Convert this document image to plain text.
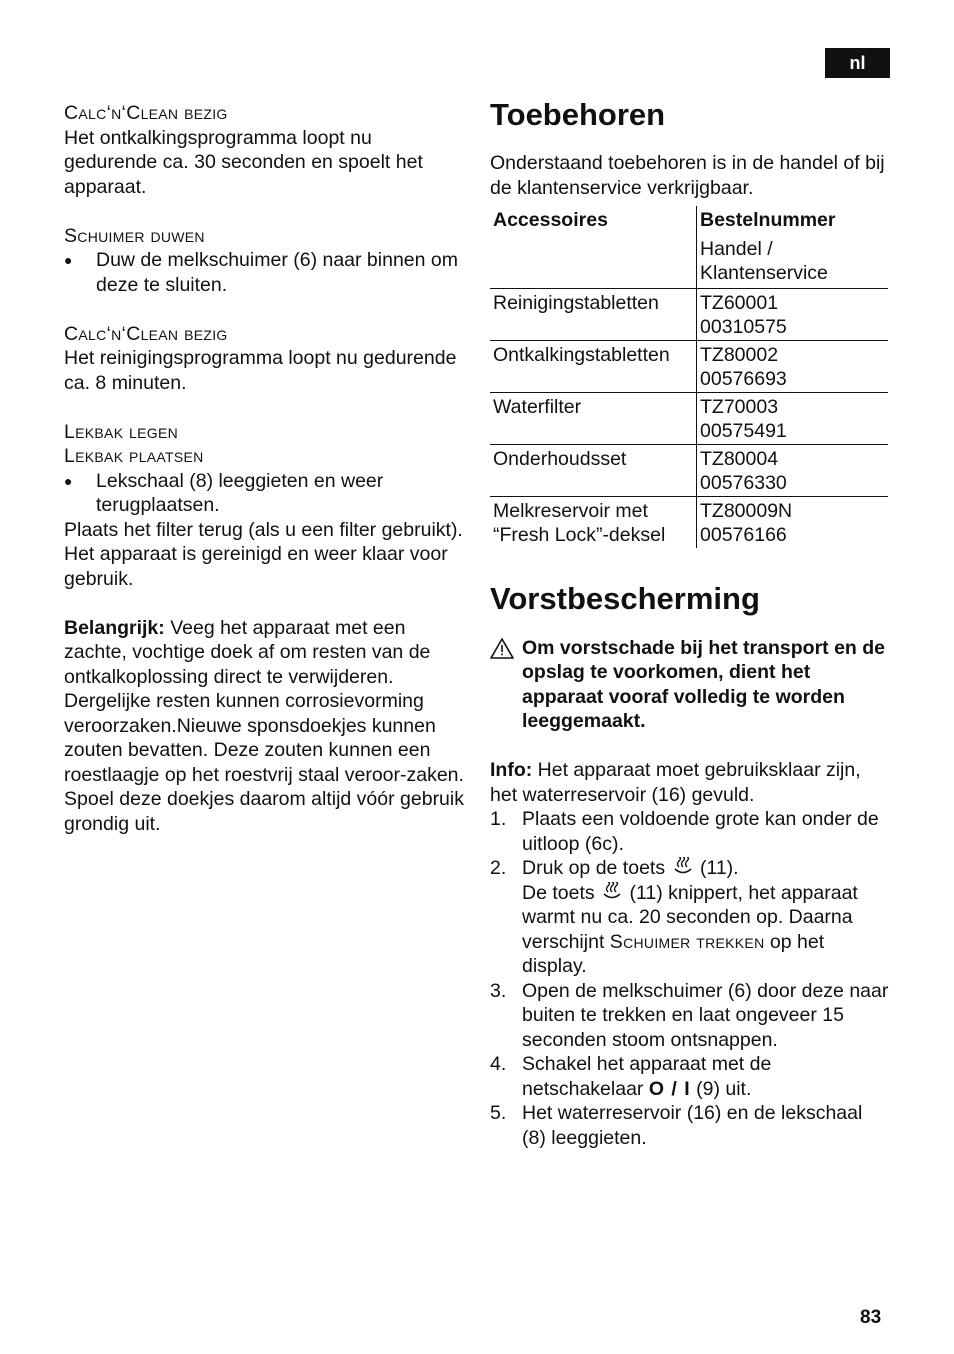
nl

Calc‘n‘Clean bezig

Het ontkalkingsprogramma loopt nu gedurende ca. 30 seconden en spoelt het apparaat.

Schuimer duwen

●	Duw de melkschuimer (6) naar binnen om deze te sluiten.

Calc‘n‘Clean bezig

Het reinigingsprogramma loopt nu gedurende ca. 8 minuten.

Lekbak legen

Lekbak plaatsen

●	Lekschaal (8) leeggieten en weer terugplaatsen.

Plaats het filter terug (als u een filter gebruikt). Het apparaat is gereinigd en weer klaar voor gebruik.

Belangrijk: Veeg het apparaat met een zachte, vochtige doek af om resten van de ontkalkoplossing direct te verwijderen. Dergelijke resten kunnen corrosievorming veroorzaken.Nieuwe sponsdoekjes kunnen zouten bevatten. Deze zouten kunnen een roestlaagje op het roestvrij staal veroor-zaken. Spoel deze doekjes daarom altijd vóór gebruik grondig uit.

Toebehoren

Onderstaand toebehoren is in de handel of bij de klantenservice verkrijgbaar.

Accessoires	Bestelnummer
Handel / Klantenservice
Reinigingstabletten	TZ60001
00310575

Ontkalkingstabletten	TZ80002
00576693

Waterfilter	TZ70003
00575491

Onderhoudsset	TZ80004
00576330

Melkreservoir met “Fresh Lock”-deksel	TZ80009N
00576166
Vorstbescherming
Om vorstschade bij het transport en de opslag te voorkomen, dient het apparaat vooraf volledig te worden leeggemaakt.

Info: Het apparaat moet gebruiksklaar zijn, het waterreservoir (16) gevuld.

1. Plaats een voldoende grote kan onder de uitloop (6c).
2. Druk op de toets (11).
De toets (11) knippert, het apparaat warmt nu ca. 20 seconden op. Daarna verschijnt Schuimer trekken op het display.
3. Open de melkschuimer (6) door deze naar buiten te trekken en laat ongeveer 15 seconden stoom ontsnappen.
4. Schakel het apparaat met de netschakelaar O / I (9) uit.
5. Het waterreservoir (16) en de lekschaal (8) leeggieten.
83
